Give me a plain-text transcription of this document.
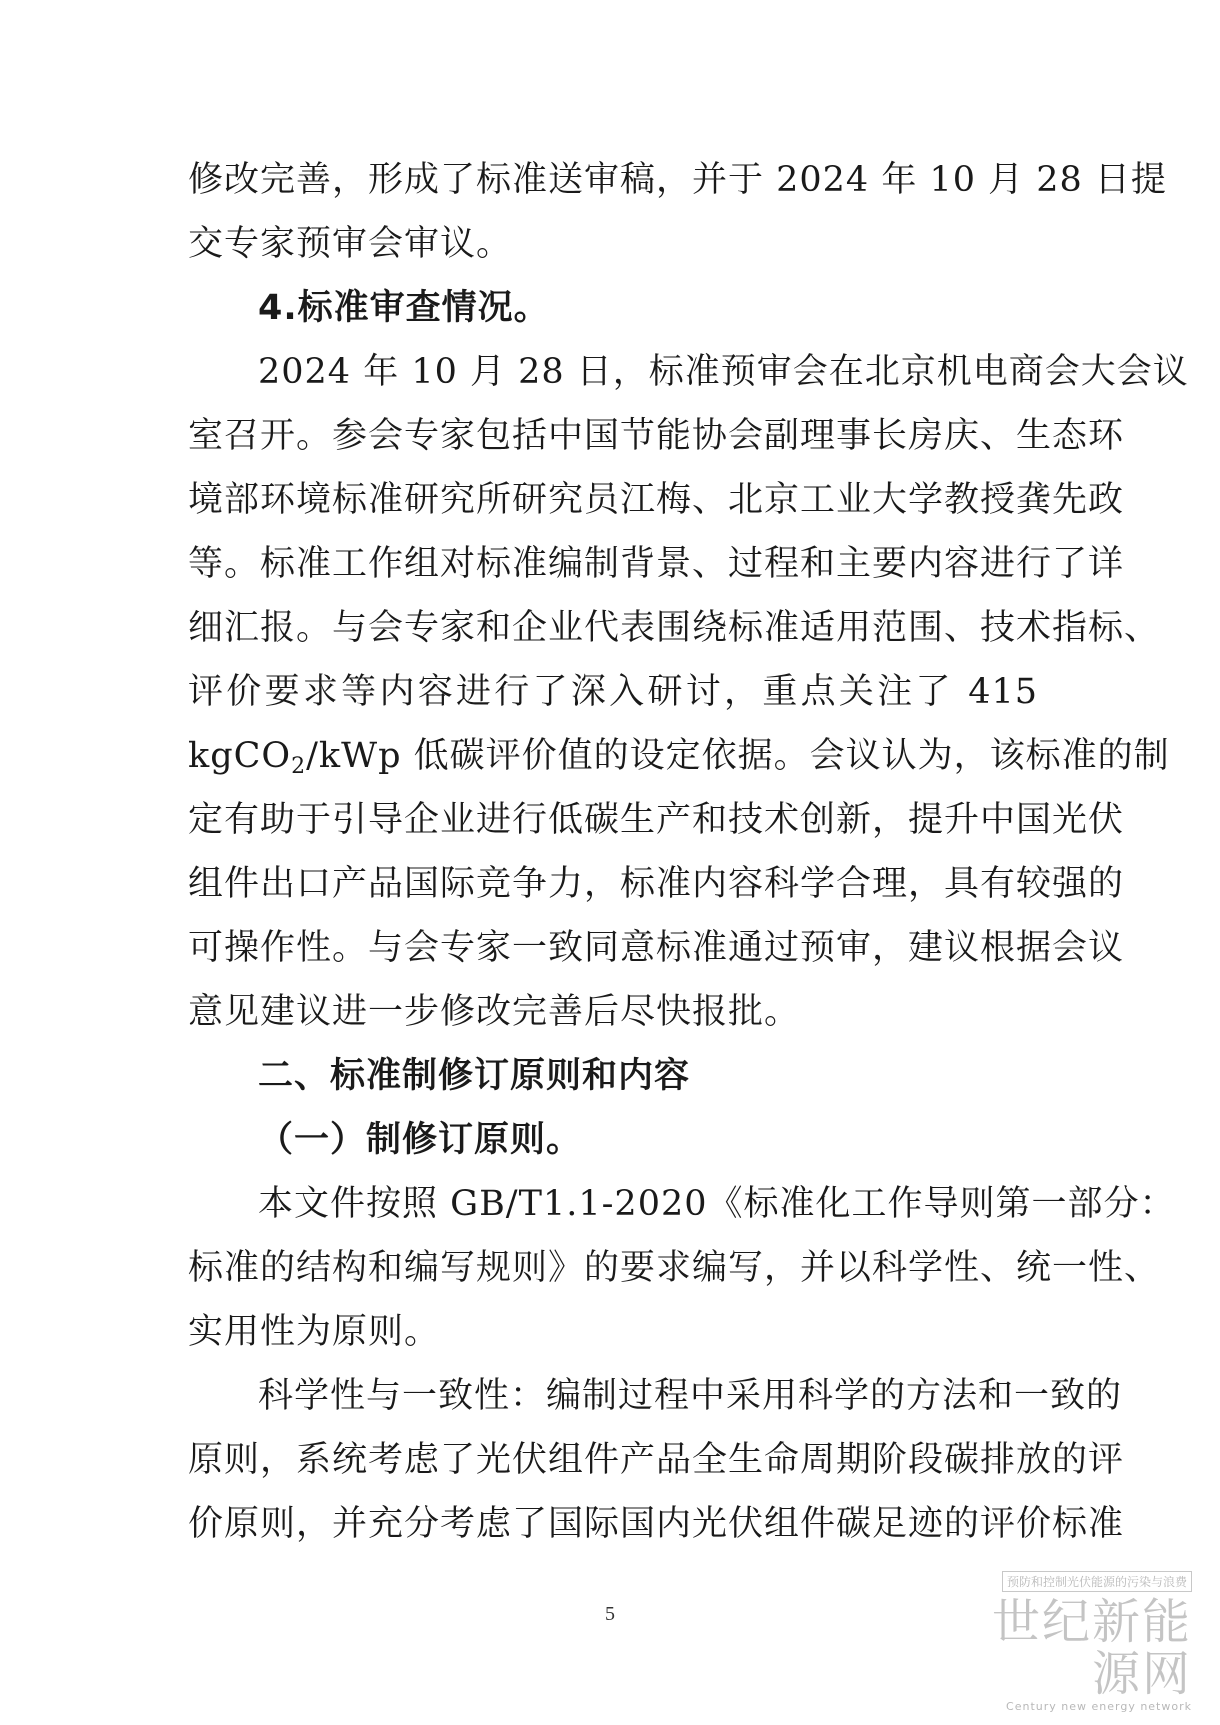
修改完善，形成了标准送审稿，并于 2024 年 10 月 28 日提
交专家预审会审议。
4.标准审查情况。
2024 年 10 月 28 日，标准预审会在北京机电商会大会议
室召开。参会专家包括中国节能协会副理事长房庆、生态环
境部环境标准研究所研究员江梅、北京工业大学教授龚先政
等。标准工作组对标准编制背景、过程和主要内容进行了详
细汇报。与会专家和企业代表围绕标准适用范围、技术指标、
评价要求等内容进行了深入研讨，重点关注了 415
kgCO$_2$/kWp 低碳评价值的设定依据。会议认为，该标准的制
定有助于引导企业进行低碳生产和技术创新，提升中国光伏
组件出口产品国际竞争力，标准内容科学合理，具有较强的
可操作性。与会专家一致同意标准通过预审，建议根据会议
意见建议进一步修改完善后尽快报批。
二、标准制修订原则和内容
（一）制修订原则。
本文件按照 GB/T1.1-2020《标准化工作导则第一部分：
标准的结构和编写规则》的要求编写，并以科学性、统一性、
实用性为原则。
科学性与一致性：编制过程中采用科学的方法和一致的
原则，系统考虑了光伏组件产品全生命周期阶段碳排放的评
价原则，并充分考虑了国际国内光伏组件碳足迹的评价标准
5
预防和控制光伏能源的污染与浪费
世纪新能源网
Century new energy network
